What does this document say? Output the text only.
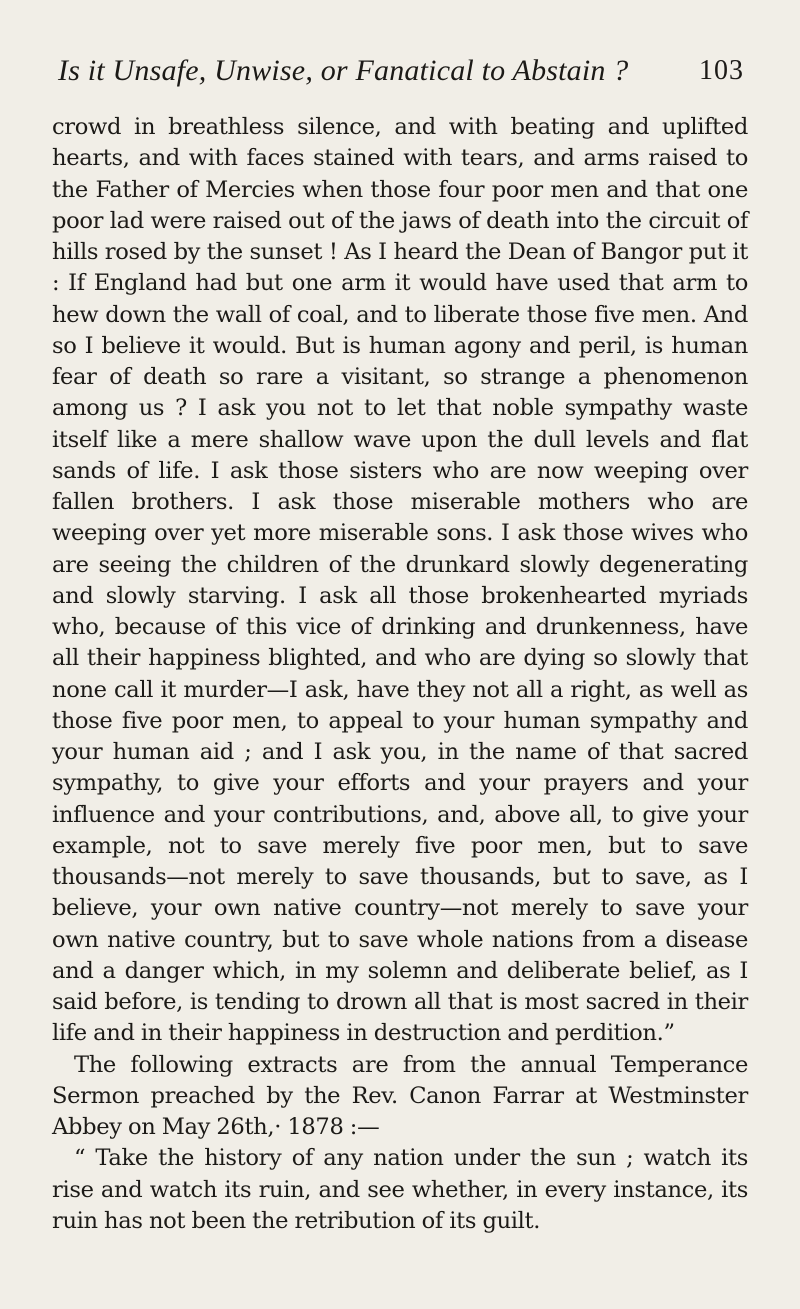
Is it Unsafe, Unwise, or Fanatical to Abstain ?	103

crowd in breathless silence, and with beating and uplifted hearts, and with faces stained with tears, and arms raised to the Father of Mercies when those four poor men and that one poor lad were raised out of the jaws of death into the circuit of hills rosed by the sunset ! As I heard the Dean of Bangor put it : If England had but one arm it would have used that arm to hew down the wall of coal, and to liberate those five men. And so I believe it would. But is human agony and peril, is human fear of death so rare a visitant, so strange a phenomenon among us ? I ask you not to let that noble sympathy waste itself like a mere shallow wave upon the dull levels and flat sands of life. I ask those sisters who are now weeping over fallen brothers. I ask those miserable mothers who are weeping over yet more miserable sons. I ask those wives who are seeing the children of the drunkard slowly degenerating and slowly starving. I ask all those brokenhearted myriads who, because of this vice of drinking and drunkenness, have all their happiness blighted, and who are dying so slowly that none call it murder—I ask, have they not all a right, as well as those five poor men, to appeal to your human sympathy and your human aid ; and I ask you, in the name of that sacred sympathy, to give your efforts and your prayers and your influence and your contributions, and, above all, to give your example, not to save merely five poor men, but to save thousands—not merely to save thousands, but to save, as I believe, your own native country—not merely to save your own native country, but to save whole nations from a disease and a danger which, in my solemn and deliberate belief, as I said before, is tending to drown all that is most sacred in their life and in their happiness in destruction and perdition.”

The following extracts are from the annual Temperance Sermon preached by the Rev. Canon Farrar at Westminster Abbey on May 26th,· 1878 :—

“ Take the history of any nation under the sun ; watch its rise and watch its ruin, and see whether, in every instance, its ruin has not been the retribution of its guilt.
